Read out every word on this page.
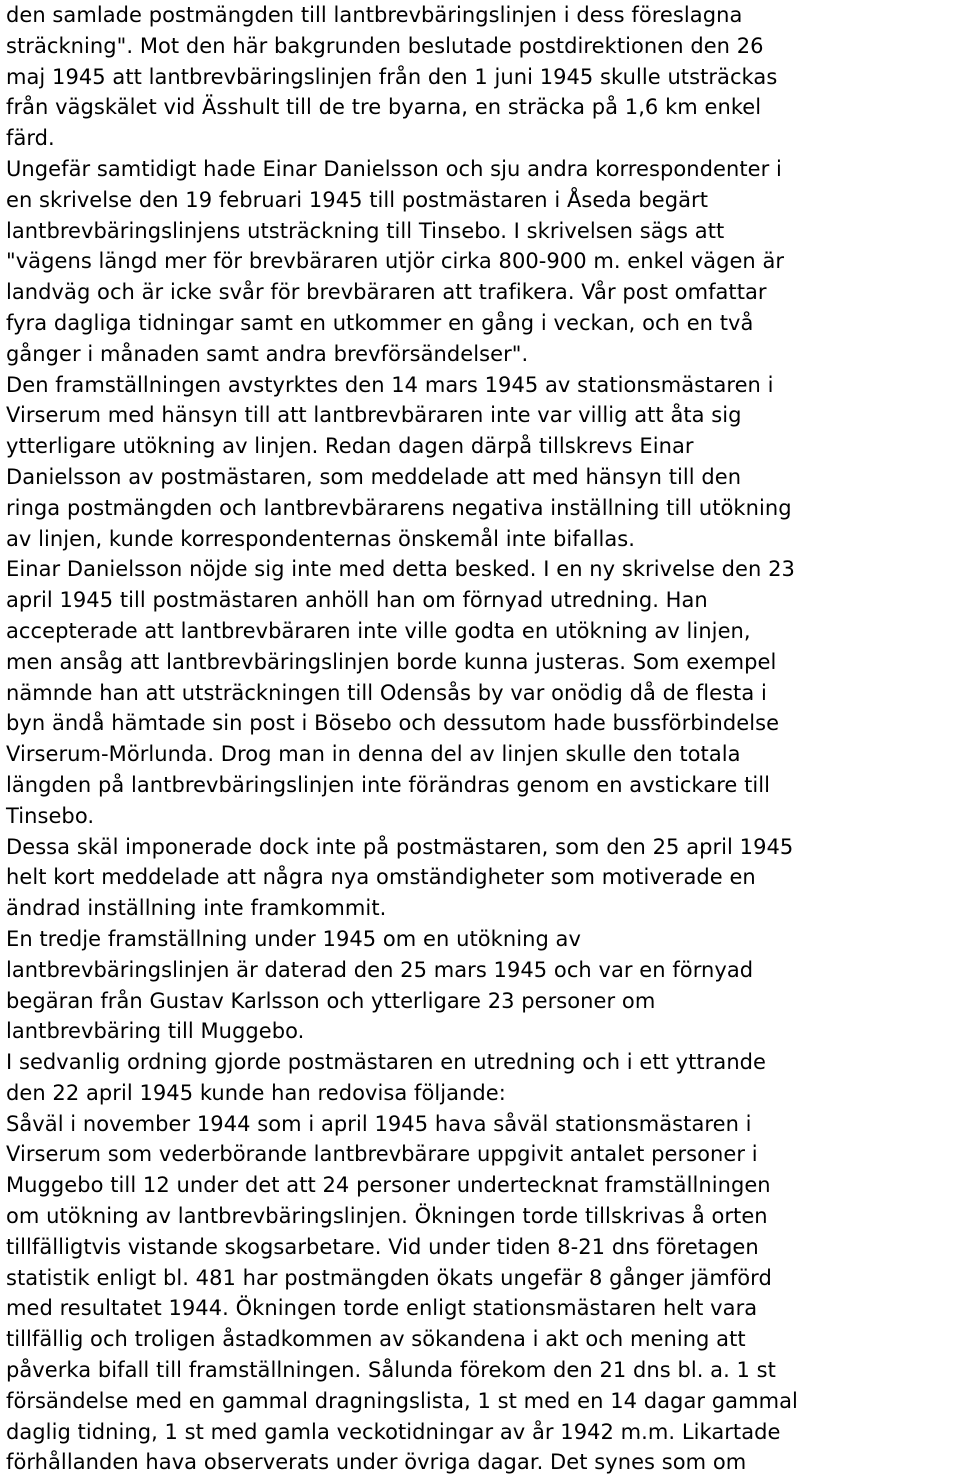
den samlade postmängden till lantbrevbäringslinjen i dess föreslagna
sträckning". Mot den här bakgrunden beslutade postdirektionen den 26
maj 1945 att lantbrevbäringslinjen från den 1 juni 1945 skulle utsträckas
från vägskälet vid Ässhult till de tre byarna, en sträcka på 1,6 km enkel
färd.
Ungefär samtidigt hade Einar Danielsson och sju andra korrespondenter i
en skrivelse den 19 februari 1945 till postmästaren i Åseda begärt
lantbrevbäringslinjens utsträckning till Tinsebo. I skrivelsen sägs att
"vägens längd mer för brevbäraren utjör cirka 800-900 m. enkel vägen är
landväg och är icke svår för brevbäraren att trafikera. Vår post omfattar
fyra dagliga tidningar samt en utkommer en gång i veckan, och en två
gånger i månaden samt andra brevförsändelser".
Den framställningen avstyrktes den 14 mars 1945 av stationsmästaren i
Virserum med hänsyn till att lantbrevbäraren inte var villig att åta sig
ytterligare utökning av linjen. Redan dagen därpå tillskrevs Einar
Danielsson av postmästaren, som meddelade att med hänsyn till den
ringa postmängden och lantbrevbärarens negativa inställning till utökning
av linjen, kunde korrespondenternas önskemål inte bifallas.
Einar Danielsson nöjde sig inte med detta besked. I en ny skrivelse den 23
april 1945 till postmästaren anhöll han om förnyad utredning. Han
accepterade att lantbrevbäraren inte ville godta en utökning av linjen,
men ansåg att lantbrevbäringslinjen borde kunna justeras. Som exempel
nämnde han att utsträckningen till Odensås by var onödig då de flesta i
byn ändå hämtade sin post i Bösebo och dessutom hade bussförbindelse
Virserum-Mörlunda. Drog man in denna del av linjen skulle den totala
längden på lantbrevbäringslinjen inte förändras genom en avstickare till
Tinsebo.
Dessa skäl imponerade dock inte på postmästaren, som den 25 april 1945
helt kort meddelade att några nya omständigheter som motiverade en
ändrad inställning inte framkommit.
En tredje framställning under 1945 om en utökning av
lantbrevbäringslinjen är daterad den 25 mars 1945 och var en förnyad
begäran från Gustav Karlsson och ytterligare 23 personer om
lantbrevbäring till Muggebo.
I sedvanlig ordning gjorde postmästaren en utredning och i ett yttrande
den 22 april 1945 kunde han redovisa följande:
Såväl i november 1944 som i april 1945 hava såväl stationsmästaren i
Virserum som vederbörande lantbrevbärare uppgivit antalet personer i
Muggebo till 12 under det att 24 personer undertecknat framställningen
om utökning av lantbrevbäringslinjen. Ökningen torde tillskrivas å orten
tillfälligtvis vistande skogsarbetare. Vid under tiden 8-21 dns företagen
statistik enligt bl. 481 har postmängden ökats ungefär 8 gånger jämförd
med resultatet 1944. Ökningen torde enligt stationsmästaren helt vara
tillfällig och troligen åstadkommen av sökandena i akt och mening att
påverka bifall till framställningen. Sålunda förekom den 21 dns bl. a. 1 st
försändelse med en gammal dragningslista, 1 st med en 14 dagar gammal
daglig tidning, 1 st med gamla veckotidningar av år 1942 m.m. Likartade
förhållanden hava observerats under övriga dagar. Det synes som om
